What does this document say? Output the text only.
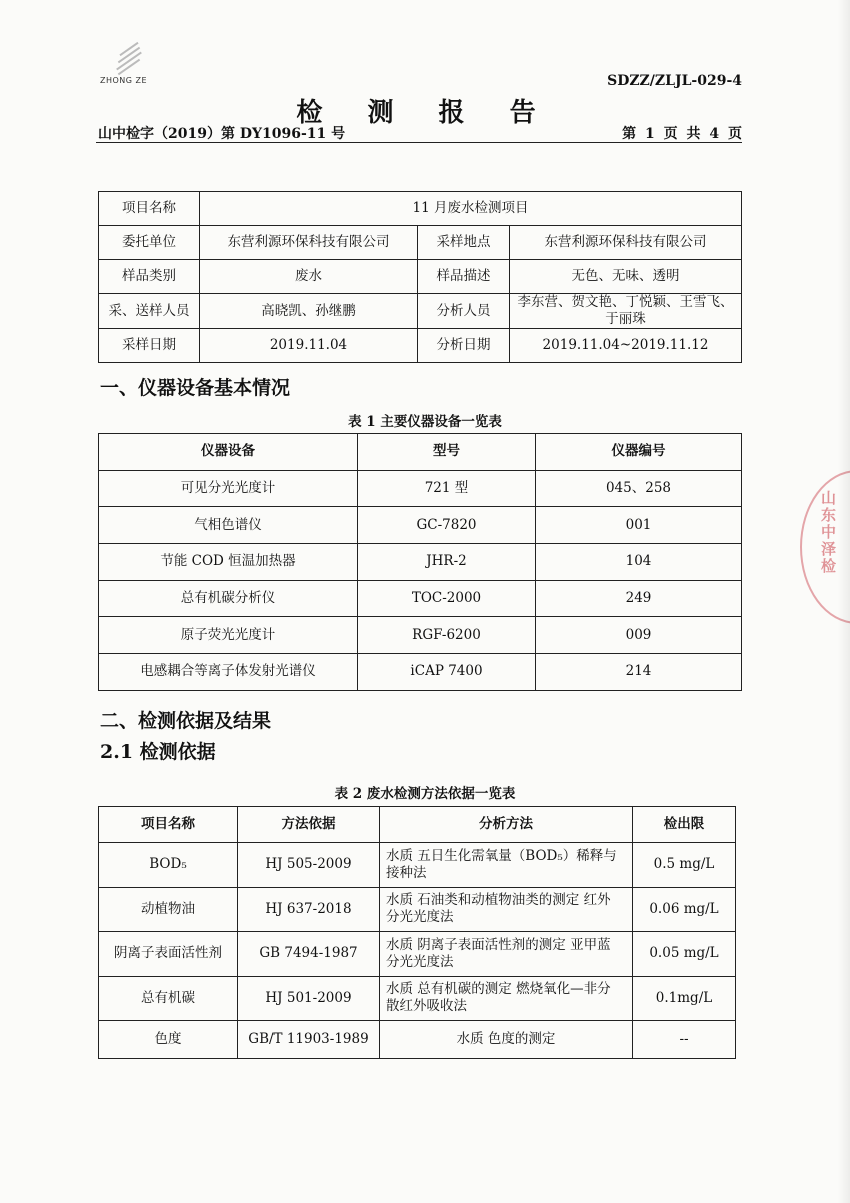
ZHONG ZE	SDZZ/ZLJL-029-4
检 测 报 告
山中检字（2019）第 DY1096-11 号	第 1 页 共 4 页
项目名称	11 月废水检测项目		
委托单位	东营利源环保科技有限公司	采样地点	东营利源环保科技有限公司
样品类别	废水	样品描述	无色、无味、透明
采、送样人员	高晓凯、孙继鹏	分析人员	李东营、贺文艳、丁悦颖、王雪飞、于丽珠
采样日期	2019.11.04	分析日期	2019.11.04~2019.11.12
一、仪器设备基本情况
表 1 主要仪器设备一览表
仪器设备	型号	仪器编号
可见分光光度计	721 型	045、258
气相色谱仪	GC-7820	001
节能 COD 恒温加热器	JHR-2	104
总有机碳分析仪	TOC-2000	249
原子荧光光度计	RGF-6200	009
电感耦合等离子体发射光谱仪	iCAP 7400	214
二、检测依据及结果
2.1 检测依据
表 2 废水检测方法依据一览表
项目名称	方法依据	分析方法	检出限
BOD₅	HJ 505-2009	水质 五日生化需氧量（BOD₅）稀释与接种法	0.5 mg/L
动植物油	HJ 637-2018	水质 石油类和动植物油类的测定 红外分光光度法	0.06 mg/L
阴离子表面活性剂	GB 7494-1987	水质 阴离子表面活性剂的测定 亚甲蓝分光光度法	0.05 mg/L
总有机碳	HJ 501-2009	水质 总有机碳的测定 燃烧氧化—非分散红外吸收法	0.1mg/L
色度	GB/T 11903-1989	水质 色度的测定	--
山东中泽检
